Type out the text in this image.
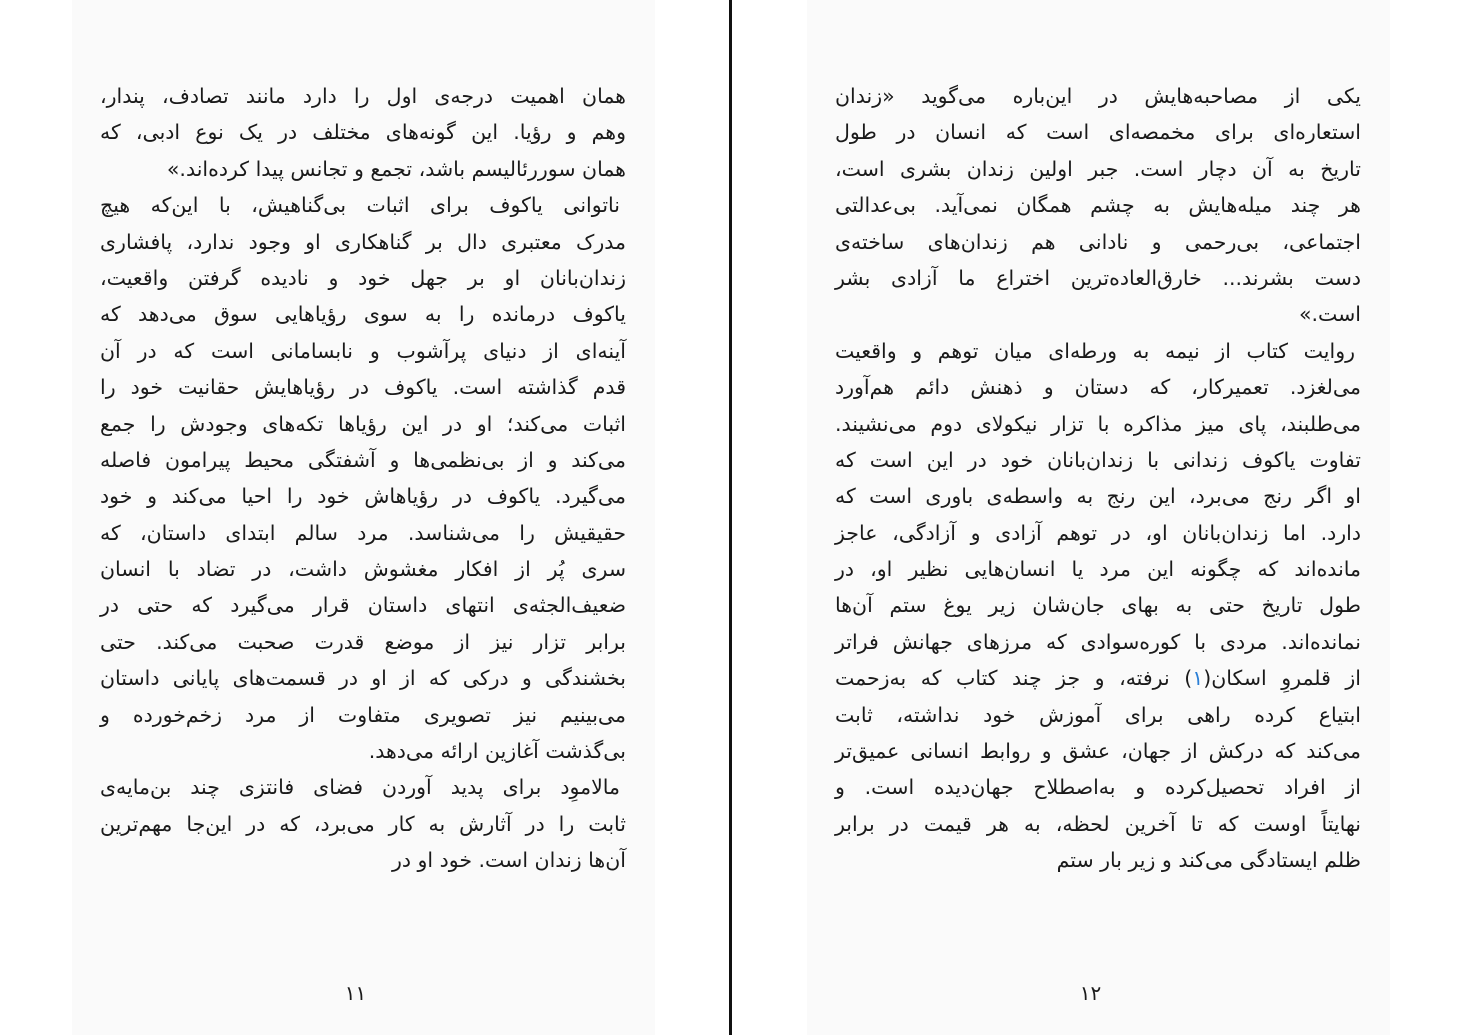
همان اهمیت درجه‌ی اول را دارد مانند تصادف، پندار،
وهم و رؤیا. این گونه‌های مختلف در یک نوع ادبی، که
همان سوررئالیسم باشد، تجمع و تجانس پیدا کرده‌اند.»
ناتوانی یاکوف برای اثبات بی‌گناهیش، با این‌که هیچ
مدرک معتبری دال بر گناهکاری او وجود ندارد، پافشاری
زندان‌بانان او بر جهل خود و نادیده گرفتن واقعیت،
یاکوف درمانده را به سوی رؤیاهایی سوق می‌دهد که
آینه‌ای از دنیای پرآشوب و نابسامانی است که در آن
قدم گذاشته است. یاکوف در رؤیاهایش حقانیت خود را
اثبات می‌کند؛ او در این رؤیاها تکه‌های وجودش را جمع
می‌کند و از بی‌نظمی‌ها و آشفتگی محیط پیرامون فاصله
می‌گیرد. یاکوف در رؤیاهاش خود را احیا می‌کند و خود
حقیقیش را می‌شناسد. مرد سالم ابتدای داستان، که
سری پُر از افکار مغشوش داشت، در تضاد با انسان
ضعیف‌الجثه‌ی انتهای داستان قرار می‌گیرد که حتی در
برابر تزار نیز از موضع قدرت صحبت می‌کند. حتی
بخشندگی و درکی که از او در قسمت‌های پایانی داستان
می‌بینیم نیز تصویری متفاوت از مرد زخم‌خورده و
بی‌گذشت آغازین ارائه می‌دهد.
مالاموِد برای پدید آوردن فضای فانتزی چند بن‌مایه‌ی
ثابت را در آثارش به کار می‌برد، که در این‌جا مهم‌ترین
آن‌ها زندان است. خود او در
۱۱
یکی از مصاحبه‌هایش در این‌باره می‌گوید «زندان
استعاره‌ای برای مخمصه‌ای است که انسان در طول
تاریخ به آن دچار است. جبر اولین زندان بشری است،
هر چند میله‌هایش به چشم همگان نمی‌آید. بی‌عدالتی
اجتماعی، بی‌رحمی و نادانی هم زندان‌های ساخته‌ی
دست بشرند... خارق‌العاده‌ترین اختراع ما آزادی بشر
است.»
روایت کتاب از نیمه به ورطه‌ای میان توهم و واقعیت
می‌لغزد. تعمیرکار، که دستان و ذهنش دائم هم‌آورد
می‌طلبند، پای میز مذاکره با تزار نیکولای دوم می‌نشیند.
تفاوت یاکوف زندانی با زندان‌بانان خود در این است که
او اگر رنج می‌برد، این رنج به واسطه‌ی باوری است که
دارد. اما زندان‌بانان او، در توهم آزادی و آزادگی، عاجز
مانده‌اند که چگونه این مرد یا انسان‌هایی نظیر او، در
طول تاریخ حتی به بهای جان‌شان زیر یوغ ستم آن‌ها
نمانده‌اند. مردی با کوره‌سوادی که مرزهای جهانش فراتر
از قلمروِ اسکان(۱) نرفته، و جز چند کتاب که به‌زحمت
ابتیاع کرده راهی برای آموزش خود نداشته، ثابت
می‌کند که درکش از جهان، عشق و روابط انسانی عمیق‌تر
از افراد تحصیل‌کرده و به‌اصطلاح جهان‌دیده است. و
نهایتاً اوست که تا آخرین لحظه، به هر قیمت در برابر
ظلم ایستادگی می‌کند و زیر بار ستم
۱۲
